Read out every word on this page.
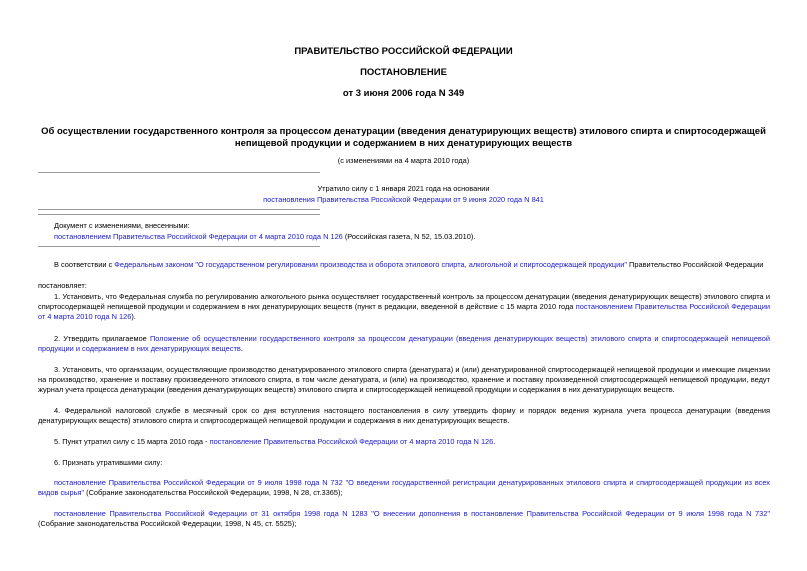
ПРАВИТЕЛЬСТВО РОССИЙСКОЙ ФЕДЕРАЦИИ
ПОСТАНОВЛЕНИЕ
от 3 июня 2006 года N 349
Об осуществлении государственного контроля за процессом денатурации (введения денатурирующих веществ) этилового спирта и спиртосодержащей
непищевой продукции и содержанием в них денатурирующих веществ
(с изменениями на 4 марта 2010 года)
Утратило силу с 1 января 2021 года на основании
постановления Правительства Российской Федерации от 9 июня 2020 года N 841
Документ с изменениями, внесенными:
постановлением Правительства Российской Федерации от 4 марта 2010 года N 126 (Российская газета, N 52, 15.03.2010).
В соответствии с Федеральным законом "О государственном регулировании производства и оборота этилового спирта, алкогольной и спиртосодержащей продукции" Правительство Российской Федерации
постановляет:
1. Установить, что Федеральная служба по регулированию алкогольного рынка осуществляет государственный контроль за процессом денатурации (введения денатурирующих веществ) этилового спирта и спиртосодержащей непищевой продукции и содержанием в них денатурирующих веществ (пункт в редакции, введенной в действие с 15 марта 2010 года постановлением Правительства Российской Федерации от 4 марта 2010 года N 126).
2. Утвердить прилагаемое Положение об осуществлении государственного контроля за процессом денатурации (введения денатурирующих веществ) этилового спирта и спиртосодержащей непищевой продукции и содержанием в них денатурирующих веществ.
3. Установить, что организации, осуществляющие производство денатурированного этилового спирта (денатурата) и (или) денатурированной спиртосодержащей непищевой продукции и имеющие лицензии на производство, хранение и поставку произведенного этилового спирта, в том числе денатурата, и (или) на производство, хранение и поставку произведенной спиртосодержащей непищевой продукции, ведут журнал учета процесса денатурации (введения денатурирующих веществ) этилового спирта и спиртосодержащей непищевой продукции и содержания в них денатурирующих веществ.
4. Федеральной налоговой службе в месячный срок со дня вступления настоящего постановления в силу утвердить форму и порядок ведения журнала учета процесса денатурации (введения денатурирующих веществ) этилового спирта и спиртосодержащей непищевой продукции и содержания в них денатурирующих веществ.
5. Пункт утратил силу с 15 марта 2010 года - постановление Правительства Российской Федерации от 4 марта 2010 года N 126.
6. Признать утратившими силу:
постановление Правительства Российской Федерации от 9 июля 1998 года N 732 "О введении государственной регистрации денатурированных этилового спирта и спиртосодержащей продукции из всех видов сырья" (Собрание законодательства Российской Федерации, 1998, N 28, ст.3365);
постановление Правительства Российской Федерации от 31 октября 1998 года N 1283 "О внесении дополнения в постановление Правительства Российской Федерации от 9 июля 1998 года N 732" (Собрание законодательства Российской Федерации, 1998, N 45, ст. 5525);
